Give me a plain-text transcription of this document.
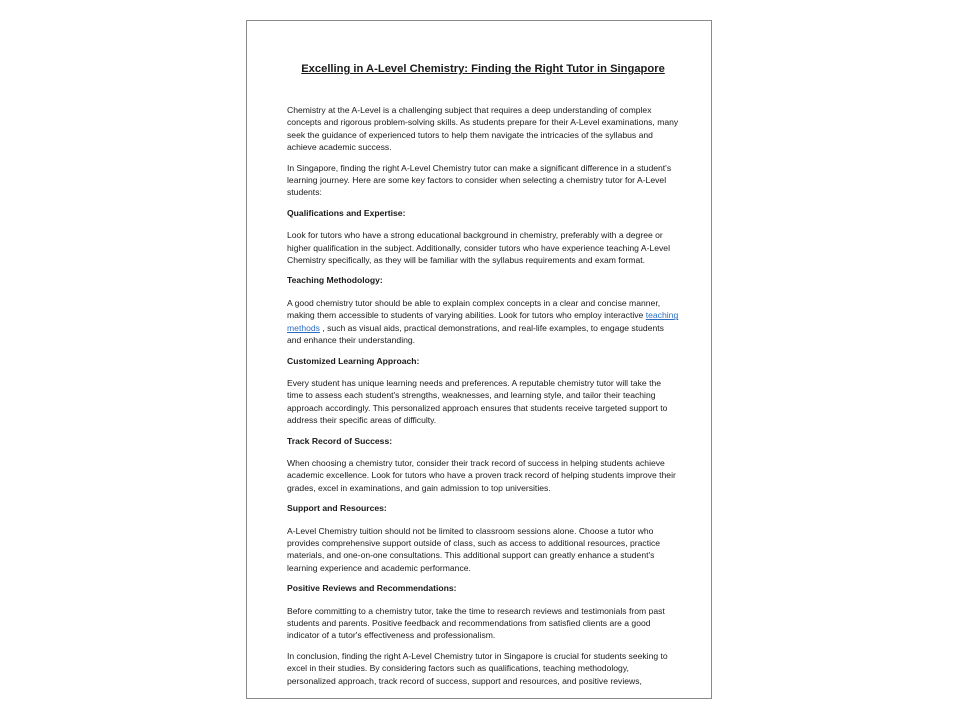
Excelling in A-Level Chemistry: Finding the Right Tutor in Singapore

Chemistry at the A-Level is a challenging subject that requires a deep understanding of complex concepts and rigorous problem-solving skills. As students prepare for their A-Level examinations, many seek the guidance of experienced tutors to help them navigate the intricacies of the syllabus and achieve academic success.

In Singapore, finding the right A-Level Chemistry tutor can make a significant difference in a student's learning journey. Here are some key factors to consider when selecting a chemistry tutor for A-Level students:

Qualifications and Expertise:

Look for tutors who have a strong educational background in chemistry, preferably with a degree or higher qualification in the subject. Additionally, consider tutors who have experience teaching A-Level Chemistry specifically, as they will be familiar with the syllabus requirements and exam format.

Teaching Methodology:

A good chemistry tutor should be able to explain complex concepts in a clear and concise manner, making them accessible to students of varying abilities. Look for tutors who employ interactive teaching methods , such as visual aids, practical demonstrations, and real-life examples, to engage students and enhance their understanding.

Customized Learning Approach:

Every student has unique learning needs and preferences. A reputable chemistry tutor will take the time to assess each student's strengths, weaknesses, and learning style, and tailor their teaching approach accordingly. This personalized approach ensures that students receive targeted support to address their specific areas of difficulty.

Track Record of Success:

When choosing a chemistry tutor, consider their track record of success in helping students achieve academic excellence. Look for tutors who have a proven track record of helping students improve their grades, excel in examinations, and gain admission to top universities.

Support and Resources:

A-Level Chemistry tuition should not be limited to classroom sessions alone. Choose a tutor who provides comprehensive support outside of class, such as access to additional resources, practice materials, and one-on-one consultations. This additional support can greatly enhance a student's learning experience and academic performance.

Positive Reviews and Recommendations:

Before committing to a chemistry tutor, take the time to research reviews and testimonials from past students and parents. Positive feedback and recommendations from satisfied clients are a good indicator of a tutor's effectiveness and professionalism.

In conclusion, finding the right A-Level Chemistry tutor in Singapore is crucial for students seeking to excel in their studies. By considering factors such as qualifications, teaching methodology, personalized approach, track record of success, support and resources, and positive reviews,
